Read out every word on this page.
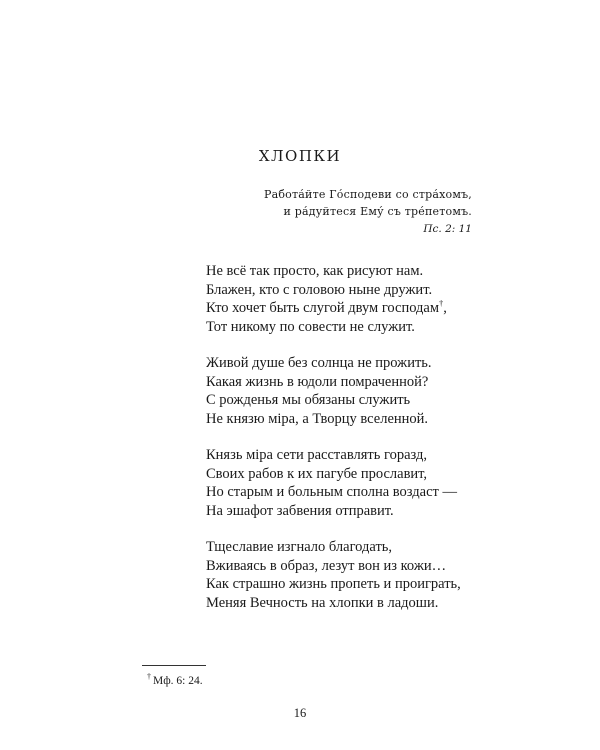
ХЛОПКИ
Работа́йте Го́сподеви со стра́хомъ,
и ра́дуйтеся Ему́ съ тре́петомъ.
Пс. 2: 11
Не всё так просто, как рисуют нам.
Блажен, кто с головою ныне дружит.
Кто хочет быть слугой двум господам†,
Тот никому по совести не служит.
Живой душе без солнца не прожить.
Какая жизнь в юдоли помраченной?
С рожденья мы обязаны служить
Не князю міра, а Творцу вселенной.
Князь міра сети расставлять горазд,
Своих рабов к их пагубе прославит,
Но старым и больным сполна воздаст —
На эшафот забвения отправит.
Тщеславие изгнало благодать,
Вживаясь в образ, лезут вон из кожи…
Как страшно жизнь пропеть и проиграть,
Меняя Вечность на хлопки в ладоши.
† Мф. 6: 24.
16
